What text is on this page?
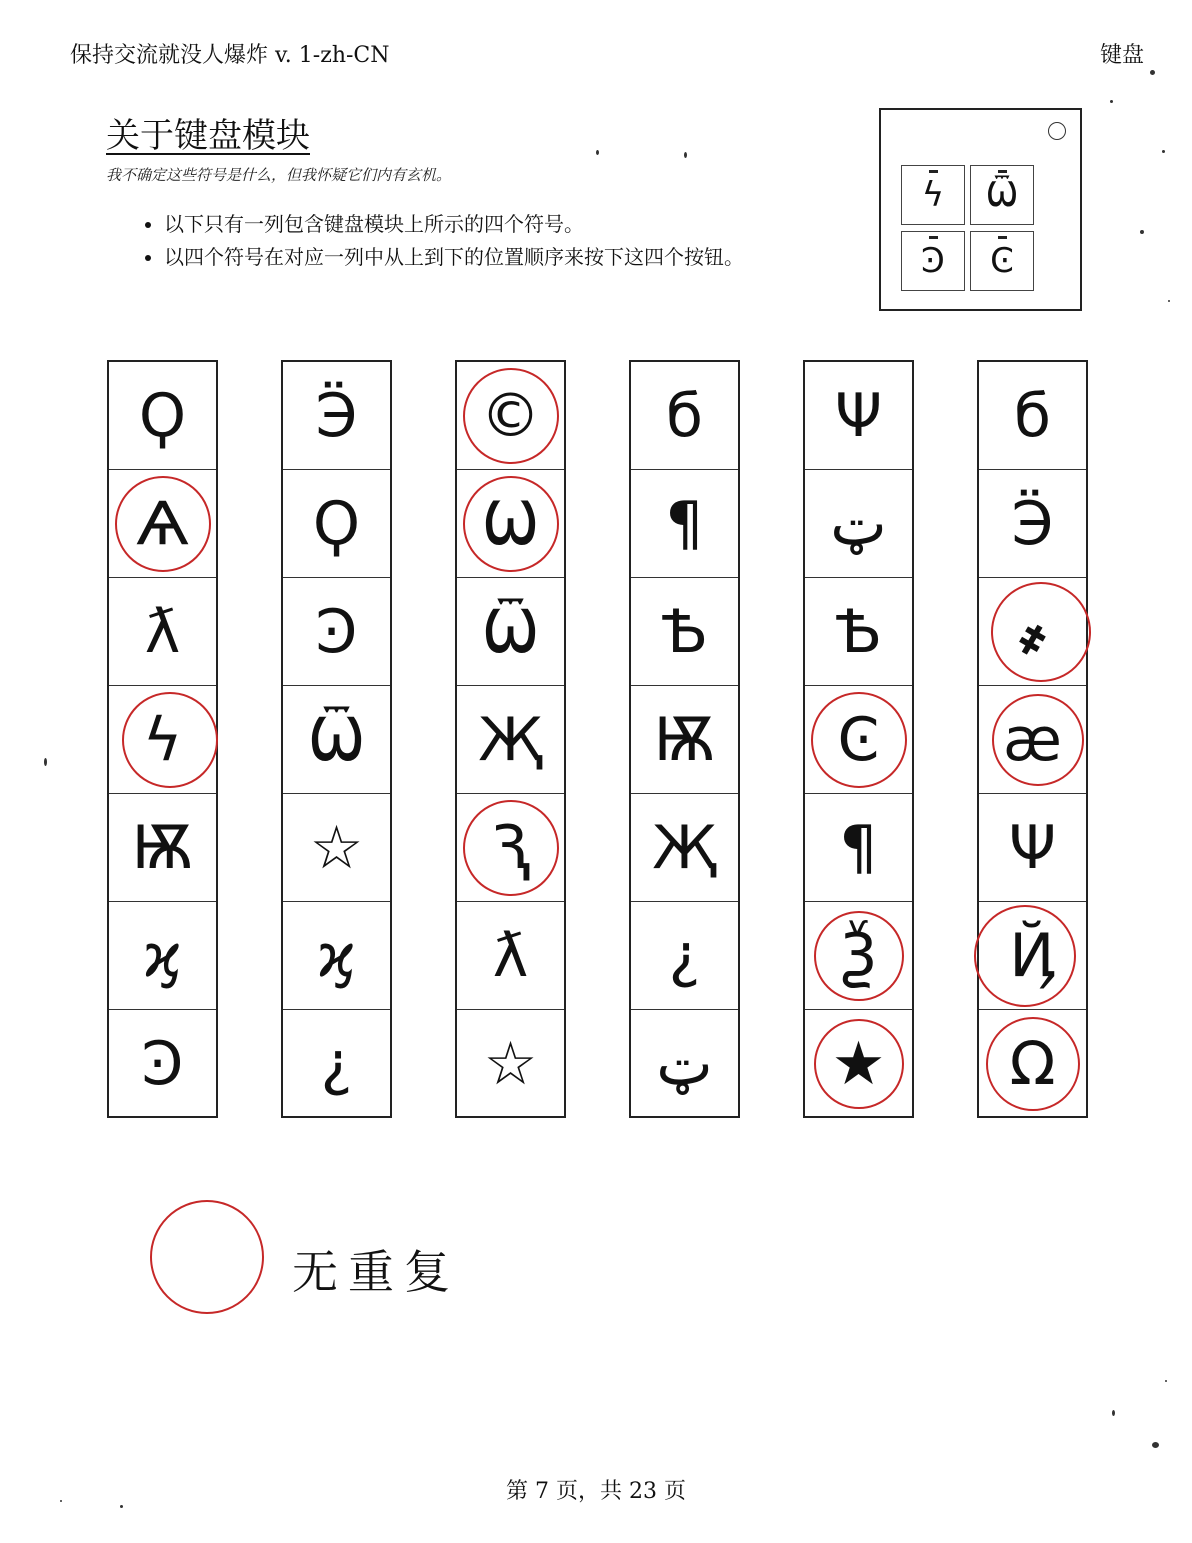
保持交流就没人爆炸 v. 1-zh-CN	键盘
关于键盘模块
我不确定这些符号是什么，但我怀疑它们内有玄机。
• 以下只有一列包含键盘模块上所示的四个符号。
• 以四个符号在对应一列中从上到下的位置顺序来按下这四个按钮。
ϟ Ѿ
Ͽ Ͼ
Ϙ
Ѧ
ƛ
ϟ
Ѭ
ϗ
Ͽ
Ӭ
Ϙ
Ͽ
Ѿ
☆
ϗ
¿
©
Ѡ
Ѿ
Җ
Ԇ
ƛ
☆
б
¶
Ѣ
Ѭ
Җ
¿
ټ
Ψ
ټ
Ѣ
Ͼ
¶
Ѯ
★
б
Ӭ
҂
æ
Ψ
Ҋ
Ω
无重复
第 7 页，共 23 页
